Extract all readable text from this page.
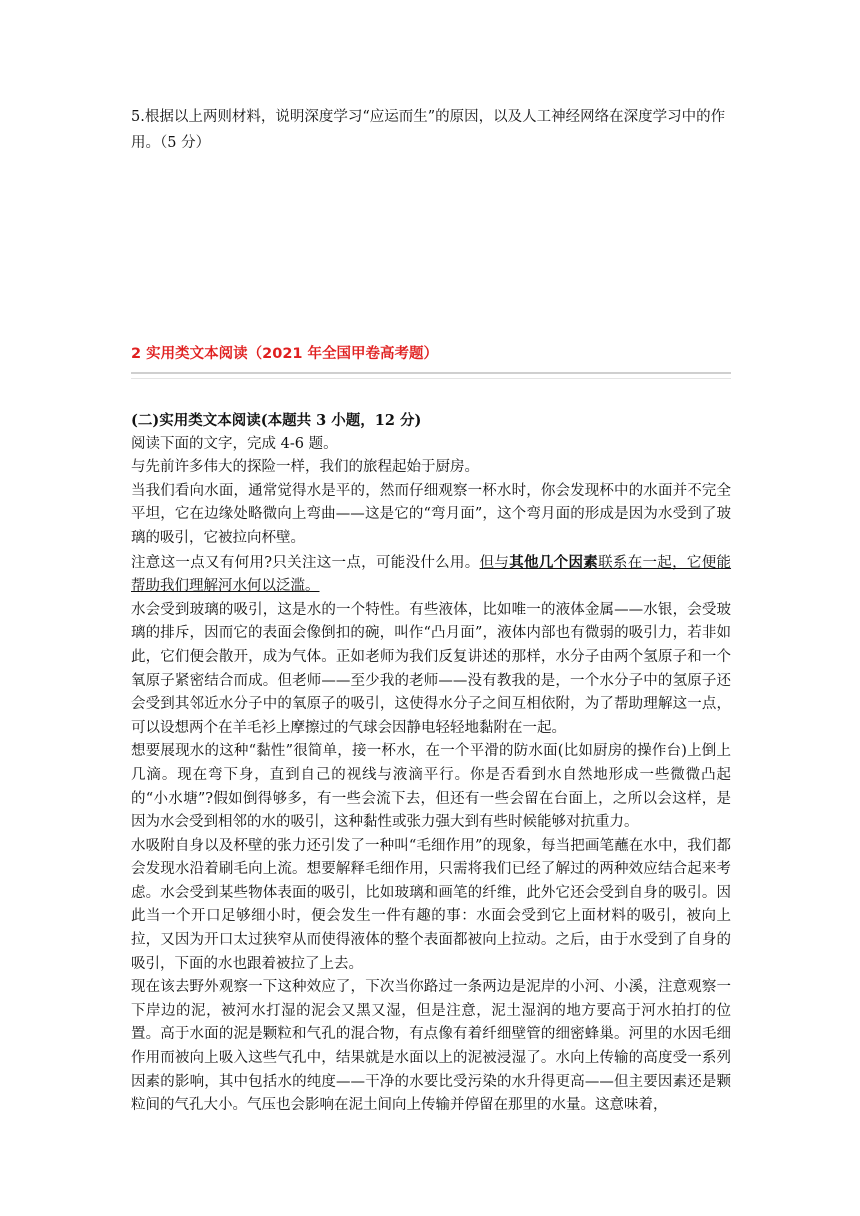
5.根据以上两则材料，说明深度学习“应运而生”的原因，以及人工神经网络在深度学习中的作用。（5 分）

2 实用类文本阅读（2021 年全国甲卷高考题）

(二)实用类文本阅读(本题共 3 小题，12 分)

阅读下面的文字，完成 4-6 题。

与先前许多伟大的探险一样，我们的旅程起始于厨房。

当我们看向水面，通常觉得水是平的，然而仔细观察一杯水时，你会发现杯中的水面并不完全平坦，它在边缘处略微向上弯曲——这是它的“弯月面”，这个弯月面的形成是因为水受到了玻璃的吸引，它被拉向杯壁。

注意这一点又有何用?只关注这一点，可能没什么用。但与其他几个因素联系在一起，它便能帮助我们理解河水何以泛滥。

水会受到玻璃的吸引，这是水的一个特性。有些液体，比如唯一的液体金属——水银，会受玻璃的排斥，因而它的表面会像倒扣的碗，叫作“凸月面”，液体内部也有微弱的吸引力，若非如此，它们便会散开，成为气体。正如老师为我们反复讲述的那样，水分子由两个氢原子和一个氧原子紧密结合而成。但老师——至少我的老师——没有教我的是，一个水分子中的氢原子还会受到其邻近水分子中的氧原子的吸引，这使得水分子之间互相依附，为了帮助理解这一点，可以设想两个在羊毛衫上摩擦过的气球会因静电轻轻地黏附在一起。

想要展现水的这种“黏性”很简单，接一杯水，在一个平滑的防水面(比如厨房的操作台)上倒上几滴。现在弯下身，直到自己的视线与液滴平行。你是否看到水自然地形成一些微微凸起的“小水塘”?假如倒得够多，有一些会流下去，但还有一些会留在台面上，之所以会这样，是因为水会受到相邻的水的吸引，这种黏性或张力强大到有些时候能够对抗重力。

水吸附自身以及杯壁的张力还引发了一种叫“毛细作用”的现象，每当把画笔蘸在水中，我们都会发现水沿着刷毛向上流。想要解释毛细作用，只需将我们已经了解过的两种效应结合起来考虑。水会受到某些物体表面的吸引，比如玻璃和画笔的纤维，此外它还会受到自身的吸引。因此当一个开口足够细小时，便会发生一件有趣的事：水面会受到它上面材料的吸引，被向上拉，又因为开口太过狭窄从而使得液体的整个表面都被向上拉动。之后，由于水受到了自身的吸引，下面的水也跟着被拉了上去。

现在该去野外观察一下这种效应了，下次当你路过一条两边是泥岸的小河、小溪，注意观察一下岸边的泥，被河水打湿的泥会又黑又湿，但是注意，泥土湿润的地方要高于河水拍打的位置。高于水面的泥是颗粒和气孔的混合物，有点像有着纤细壁管的细密蜂巢。河里的水因毛细作用而被向上吸入这些气孔中，结果就是水面以上的泥被浸湿了。水向上传输的高度受一系列因素的影响，其中包括水的纯度——干净的水要比受污染的水升得更高——但主要因素还是颗粒间的气孔大小。气压也会影响在泥土间向上传输并停留在那里的水量。这意味着，
